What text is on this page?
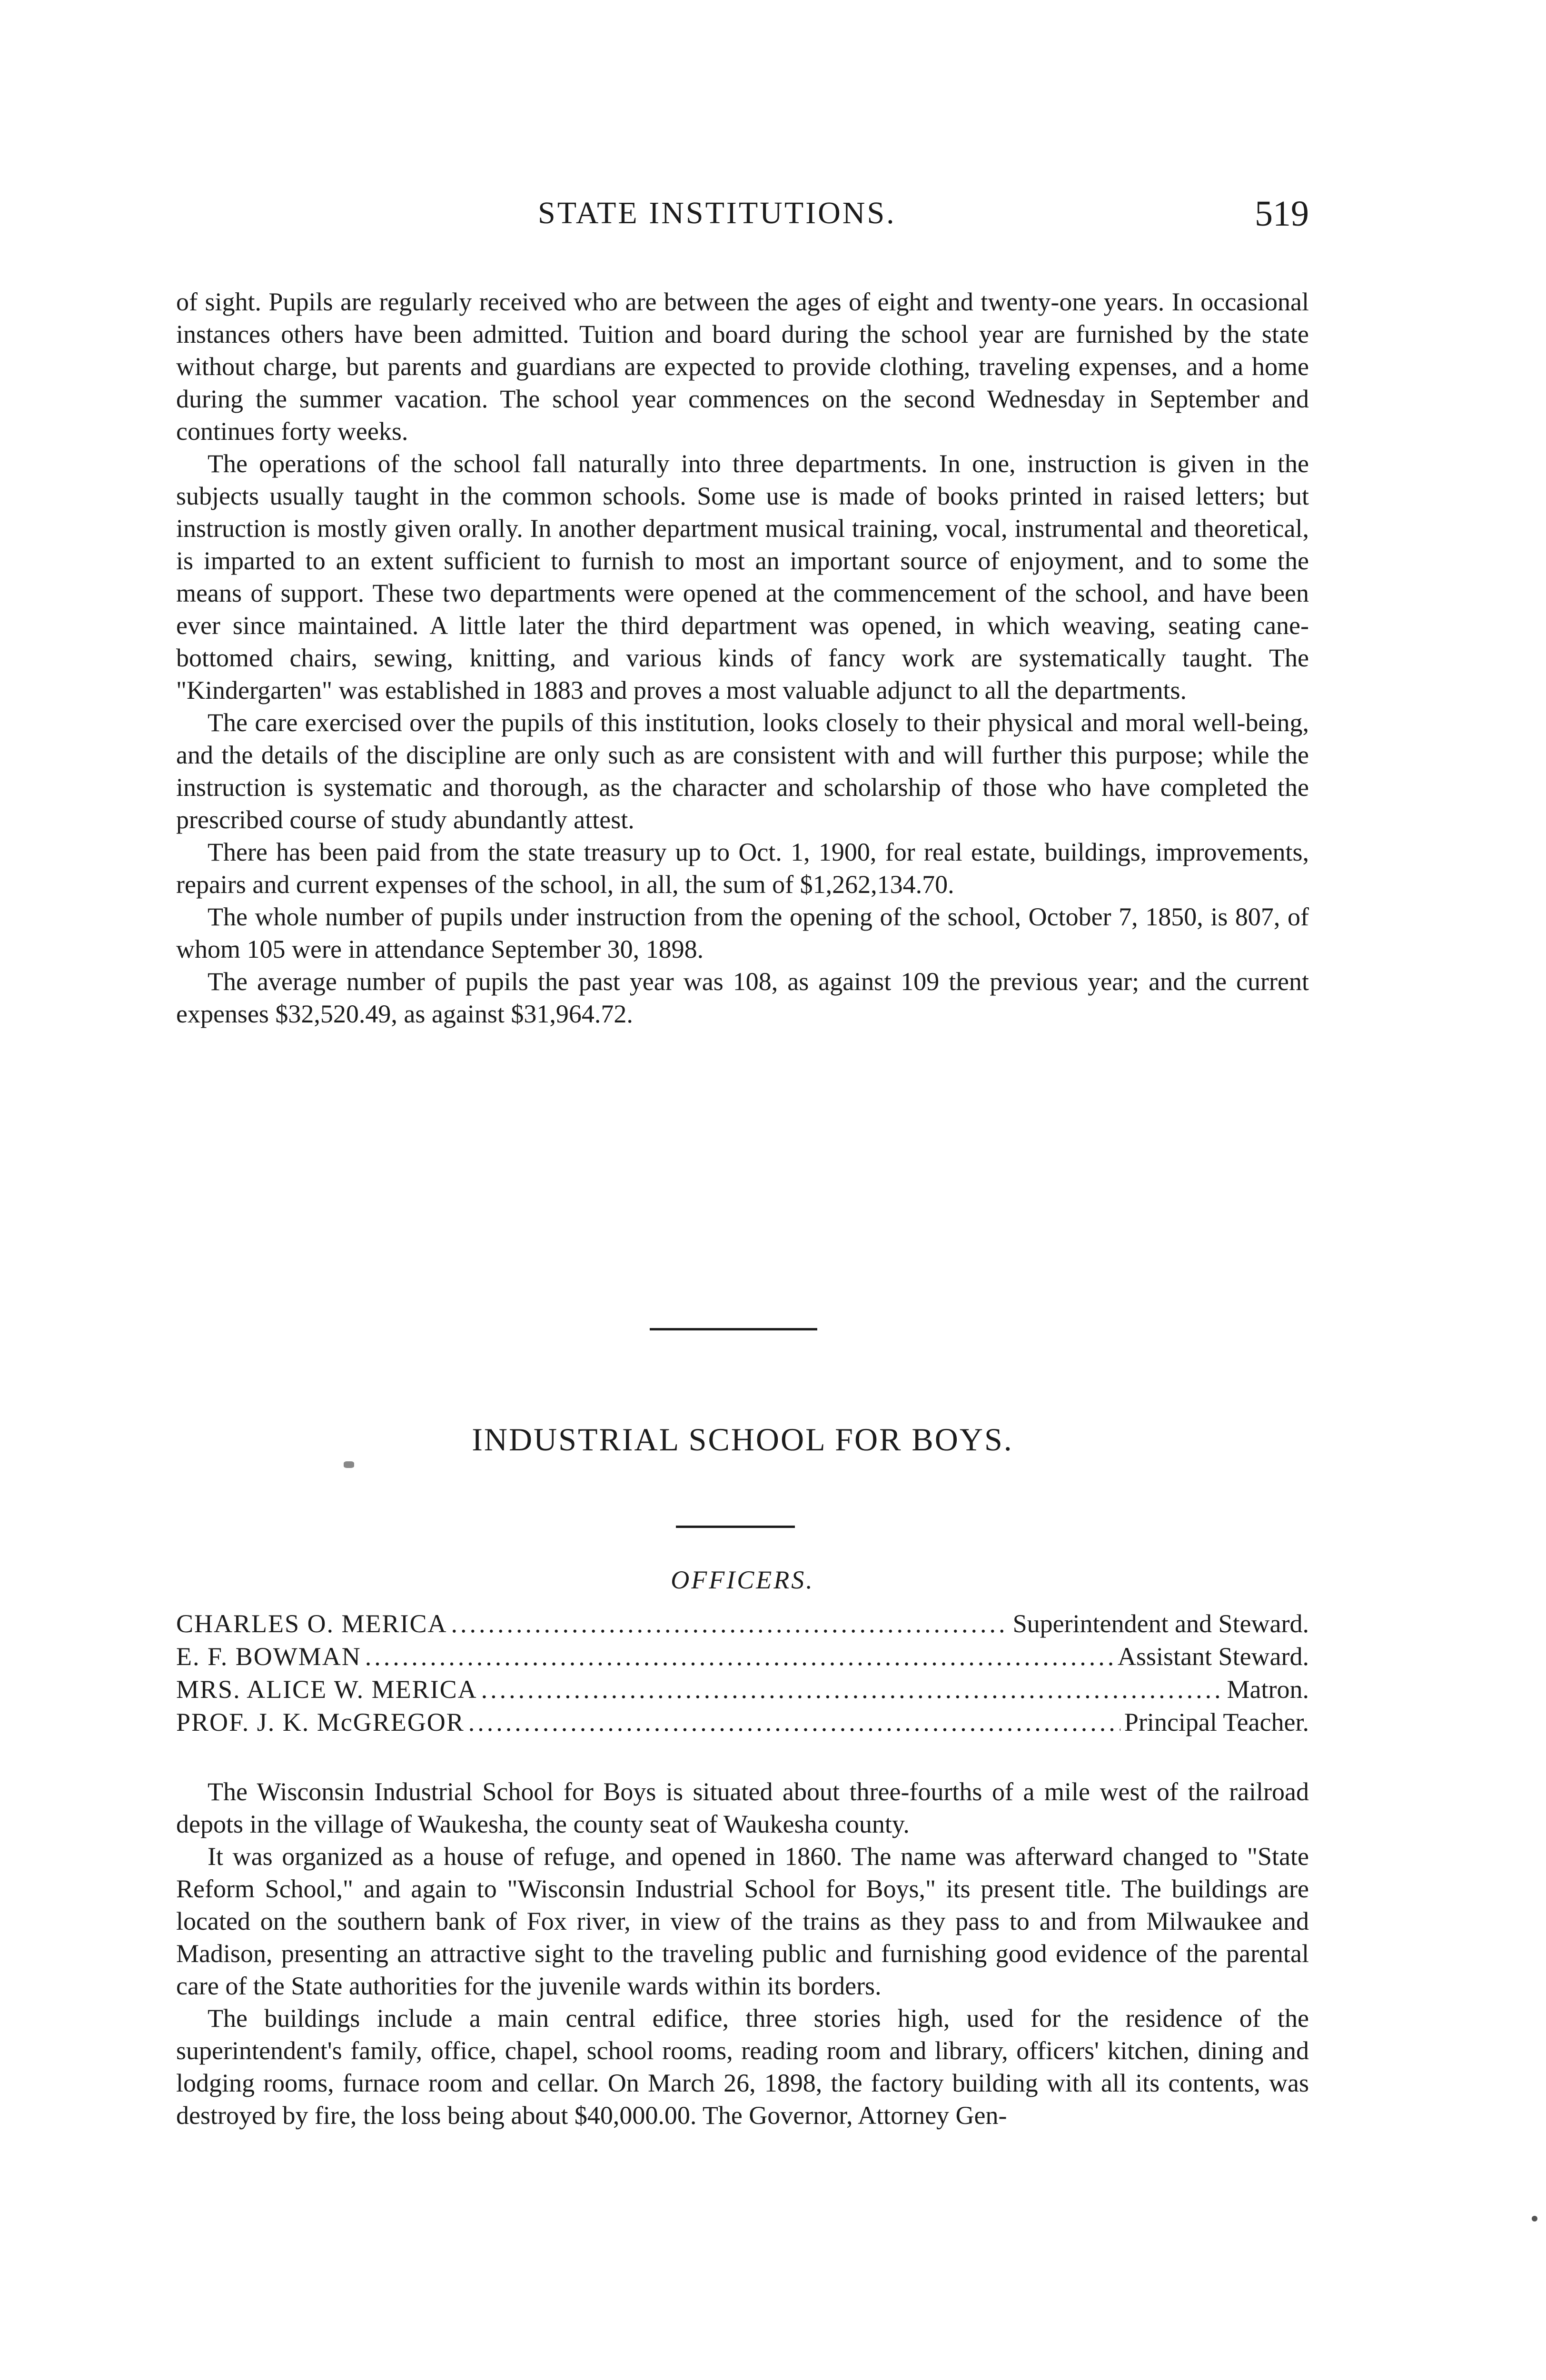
STATE INSTITUTIONS.	519

of sight. Pupils are regularly received who are between the ages of eight and twenty-one years. In occasional instances others have been admitted. Tuition and board during the school year are furnished by the state without charge, but parents and guardians are expected to provide clothing, traveling expenses, and a home during the summer vacation. The school year commences on the second Wednesday in September and continues forty weeks.

The operations of the school fall naturally into three departments. In one, instruction is given in the subjects usually taught in the common schools. Some use is made of books printed in raised letters; but instruction is mostly given orally. In another department musical training, vocal, instrumental and theoretical, is imparted to an extent sufficient to furnish to most an important source of enjoyment, and to some the means of support. These two departments were opened at the commencement of the school, and have been ever since maintained. A little later the third department was opened, in which weaving, seating cane-bottomed chairs, sewing, knitting, and various kinds of fancy work are systematically taught. The "Kindergarten" was established in 1883 and proves a most valuable adjunct to all the departments.

The care exercised over the pupils of this institution, looks closely to their physical and moral well-being, and the details of the discipline are only such as are consistent with and will further this purpose; while the instruction is systematic and thorough, as the character and scholarship of those who have completed the prescribed course of study abundantly attest.

There has been paid from the state treasury up to Oct. 1, 1900, for real estate, buildings, improvements, repairs and current expenses of the school, in all, the sum of $1,262,134.70.

The whole number of pupils under instruction from the opening of the school, October 7, 1850, is 807, of whom 105 were in attendance September 30, 1898.

The average number of pupils the past year was 108, as against 109 the previous year; and the current expenses $32,520.49, as against $31,964.72.

INDUSTRIAL SCHOOL FOR BOYS.
OFFICERS.
CHARLES O. MERICA .....	Superintendent and Steward.
E. F. BOWMAN .....	Assistant Steward.
MRS. ALICE W. MERICA .....	Matron.
PROF. J. K. McGREGOR .....	Principal Teacher.

The Wisconsin Industrial School for Boys is situated about three-fourths of a mile west of the railroad depots in the village of Waukesha, the county seat of Waukesha county.

It was organized as a house of refuge, and opened in 1860. The name was afterward changed to "State Reform School," and again to "Wisconsin Industrial School for Boys," its present title. The buildings are located on the southern bank of Fox river, in view of the trains as they pass to and from Milwaukee and Madison, presenting an attractive sight to the traveling public and furnishing good evidence of the parental care of the State authorities for the juvenile wards within its borders.

The buildings include a main central edifice, three stories high, used for the residence of the superintendent's family, office, chapel, school rooms, reading room and library, officers' kitchen, dining and lodging rooms, furnace room and cellar. On March 26, 1898, the factory building with all its contents, was destroyed by fire, the loss being about $40,000.00. The Governor, Attorney Gen-
